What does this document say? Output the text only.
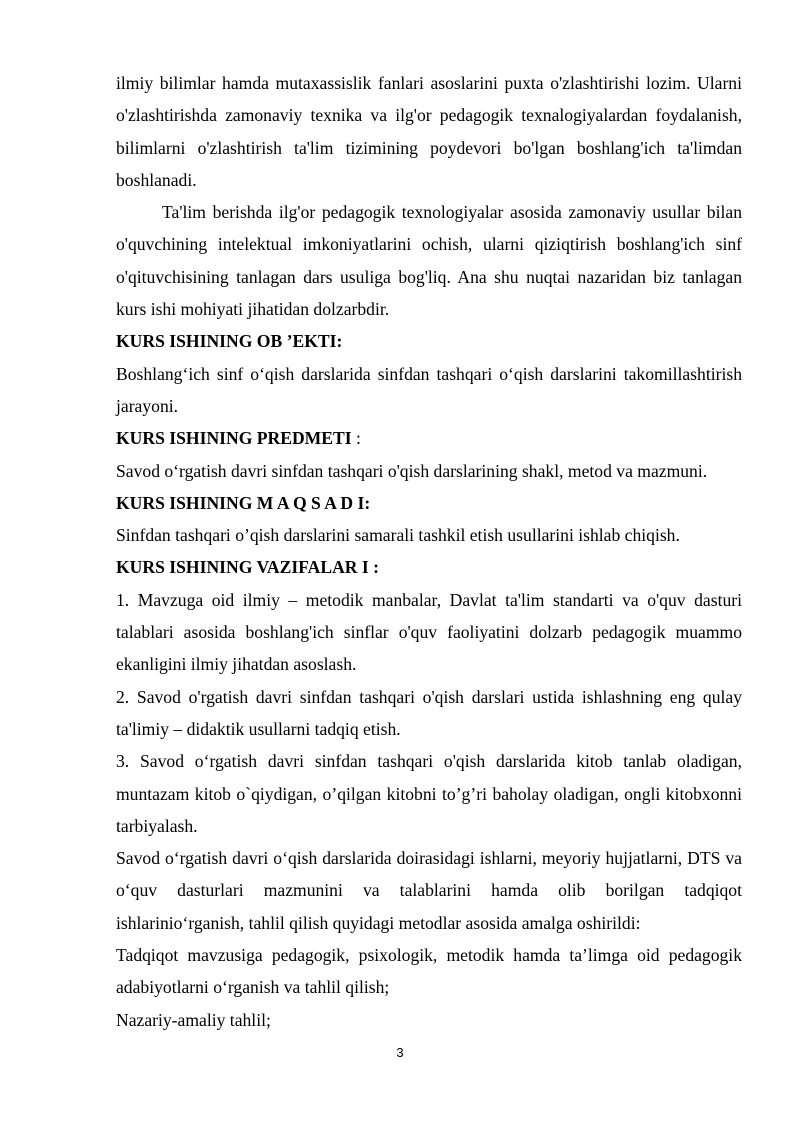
ilmiy bilimlar hamda mutaxassislik fanlari asoslarini puxta o'zlashtirishi lozim. Ularni o'zlashtirishda zamonaviy texnika va ilg'or pedagogik texnalogiyalardan foydalanish, bilimlarni o'zlashtirish ta'lim tizimining poydevori bo'lgan boshlang'ich ta'limdan boshlanadi.

Ta'lim berishda ilg'or pedagogik texnologiyalar asosida zamonaviy usullar bilan o'quvchining intelektual imkoniyatlarini ochish, ularni qiziqtirish boshlang'ich sinf o'qituvchisining tanlagan dars usuliga bog'liq. Ana shu nuqtai nazaridan biz tanlagan kurs ishi mohiyati jihatidan dolzarbdir.

KURS ISHINING OB ’EKTI:

Boshlang‘ich sinf o‘qish darslarida sinfdan tashqari o‘qish darslarini takomillashtirish jarayoni.

KURS ISHINING PREDMETI :

Savod o‘rgatish davri sinfdan tashqari o'qish darslarining shakl, metod va mazmuni.

KURS ISHINING M A Q S A D I:

Sinfdan tashqari o’qish darslarini samarali tashkil etish usullarini ishlab chiqish.

KURS ISHINING VAZIFALAR I :

1. Mavzuga oid ilmiy – metodik manbalar, Davlat ta'lim standarti va o'quv dasturi talablari asosida boshlang'ich sinflar o'quv faoliyatini dolzarb pedagogik muammo ekanligini ilmiy jihatdan asoslash.

2. Savod o'rgatish davri sinfdan tashqari o'qish darslari ustida ishlashning eng qulay ta'limiy – didaktik usullarni tadqiq etish.

3. Savod o‘rgatish davri sinfdan tashqari o'qish darslarida kitob tanlab oladigan, muntazam kitob o`qiydigan, o’qilgan kitobni to’g’ri baholay oladigan, ongli kitobxonni tarbiyalash.

Savod o‘rgatish davri o‘qish darslarida doirasidagi ishlarni, meyoriy hujjatlarni, DTS va o‘quv dasturlari mazmunini va talablarini hamda olib borilgan tadqiqot ishlarinio‘rganish, tahlil qilish quyidagi metodlar asosida amalga oshirildi:

Tadqiqot mavzusiga pedagogik, psixologik, metodik hamda ta’limga oid pedagogik adabiyotlarni o‘rganish va tahlil qilish;

Nazariy-amaliy tahlil;

3
